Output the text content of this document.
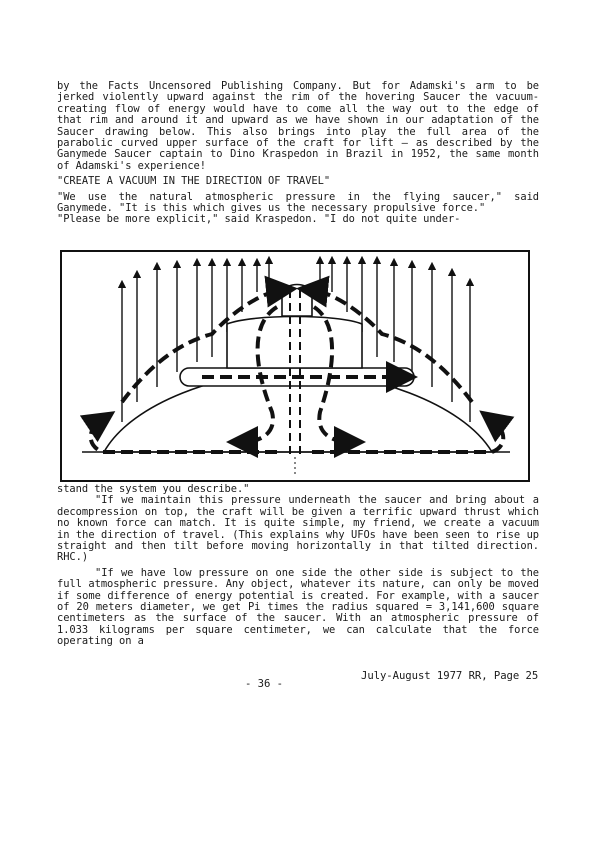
by the Facts Uncensored Publishing Company. But for Adamski's arm to be jerked violently upward against the rim of the hovering Saucer the vacuum-creating flow of energy would have to come all the way out to the edge of that rim and around it and upward as we have shown in our adaptation of the Saucer drawing below. This also brings into play the full area of the parabolic curved upper surface of the craft for lift — as described by the Ganymede Saucer captain to Dino Kraspedon in Brazil in 1952, the same month of Adamski's experience!

"CREATE A VACUUM IN THE DIRECTION OF TRAVEL"

"We use the natural atmospheric pressure in the flying saucer," said Ganymede. "It is this which gives us the necessary propulsive force."

"Please be more explicit," said Kraspedon. "I do not quite under-

stand the system you describe."

"If we maintain this pressure underneath the saucer and bring about a decompression on top, the craft will be given a terrific upward thrust which no known force can match. It is quite simple, my friend, we create a vacuum in the direction of travel. (This explains why UFOs have been seen to rise up straight and then tilt before moving horizontally in that tilted direction. RHC.)

"If we have low pressure on one side the other side is subject to the full atmospheric pressure. Any object, whatever its nature, can only be moved if some difference of energy potential is created. For example, with a saucer of 20 meters diameter, we get Pi times the radius squared = 3,141,600 square centimeters as the surface of the saucer. With an atmospheric pressure of 1.033 kilograms per square centimeter, we can calculate that the force operating on a

July-August 1977 RR, Page 25
- 36 -
